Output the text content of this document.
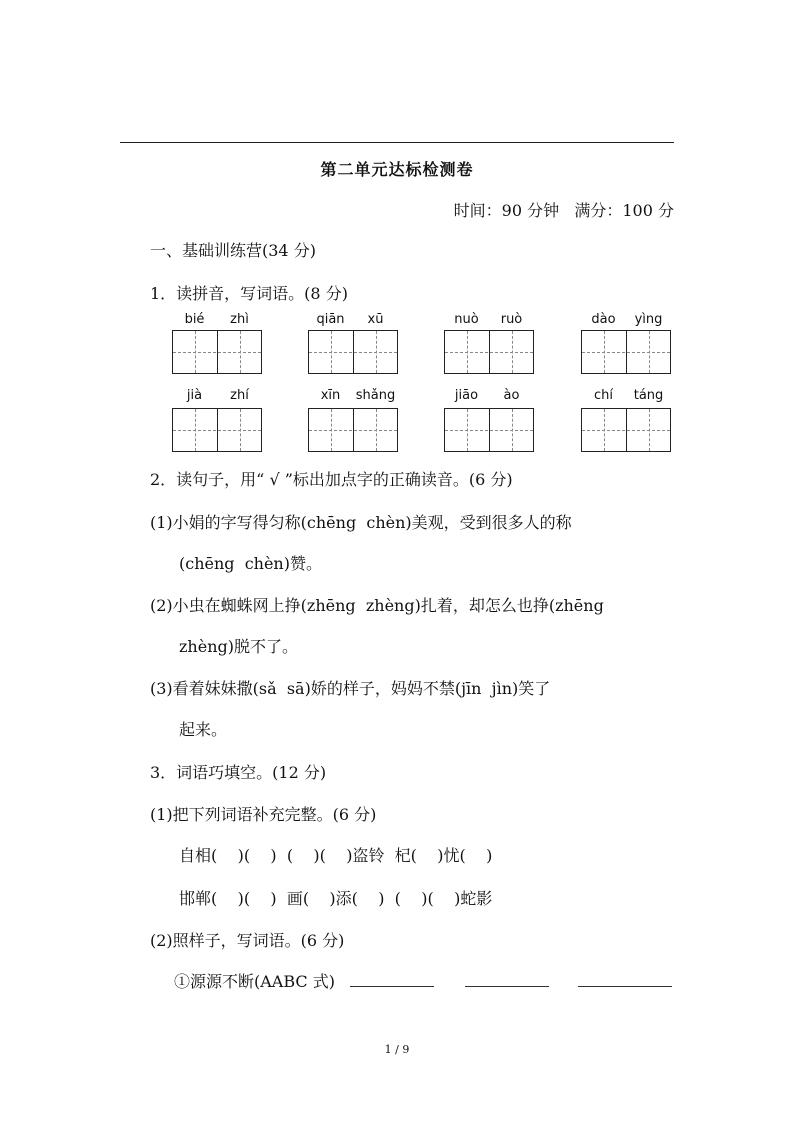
第二单元达标检测卷
时间：90 分钟   满分：100 分
一、基础训练营(34 分)
1．读拼音，写词语。(8 分)
bié	zhì	qiān	xū	nuò	ruò	dào	yìng
jià	zhí	xīn	shǎng	jiāo	ào	chí	táng
2．读句子，用“ √ ”标出加点字的正确读音。(6 分)
(1)小娟的字写得匀称(chēng  chèn)美观，受到很多人的称
(chēng  chèn)赞。
(2)小虫在蜘蛛网上挣(zhēng  zhèng)扎着，却怎么也挣(zhēng
zhèng)脱不了。
(3)看着妹妹撒(sǎ  sā)娇的样子，妈妈不禁(jīn  jìn)笑了
起来。
3．词语巧填空。(12 分)
(1)把下列词语补充完整。(6 分)
自相(    )(    )  (    )(    )盗铃  杞(    )忧(    )
邯郸(    )(    )  画(    )添(    )  (    )(    )蛇影
(2)照样子，写词语。(6 分)
①源源不断(AABC 式)
1 / 9
